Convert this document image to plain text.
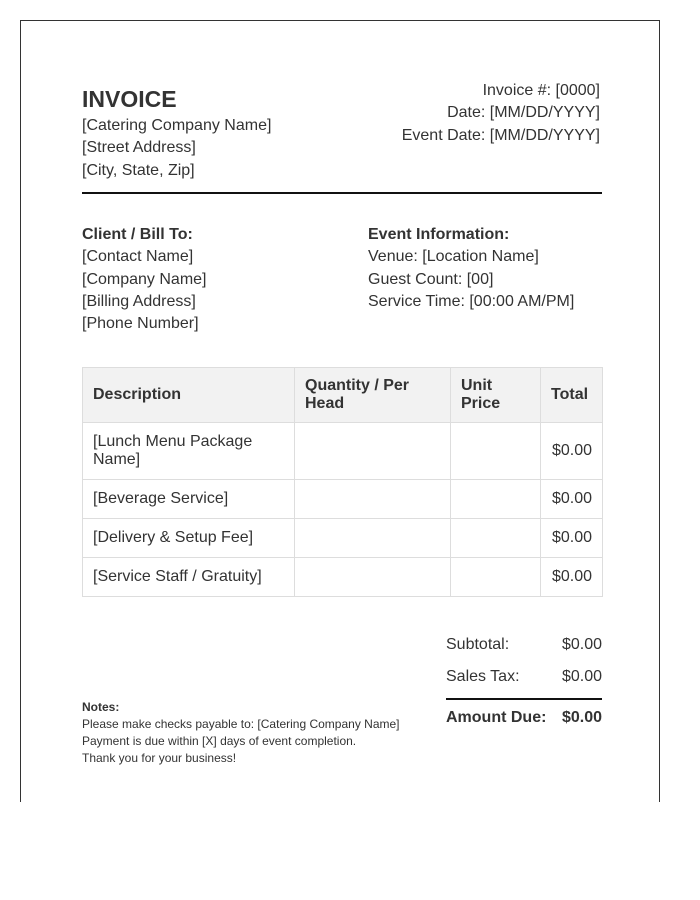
INVOICE
[Catering Company Name]
[Street Address]
[City, State, Zip]
Invoice #: [0000]
Date: [MM/DD/YYYY]
Event Date: [MM/DD/YYYY]
Client / Bill To:
[Contact Name]
[Company Name]
[Billing Address]
[Phone Number]
Event Information:
Venue: [Location Name]
Guest Count: [00]
Service Time: [00:00 AM/PM]
Description	Quantity / Per Head	Unit Price	Total
[Lunch Menu Package Name]			$0.00
[Beverage Service]			$0.00
[Delivery & Setup Fee]			$0.00
[Service Staff / Gratuity]			$0.00
Subtotal:	$0.00
Sales Tax:	$0.00
Amount Due: $0.00
Notes:
Please make checks payable to: [Catering Company Name]
Payment is due within [X] days of event completion.
Thank you for your business!
